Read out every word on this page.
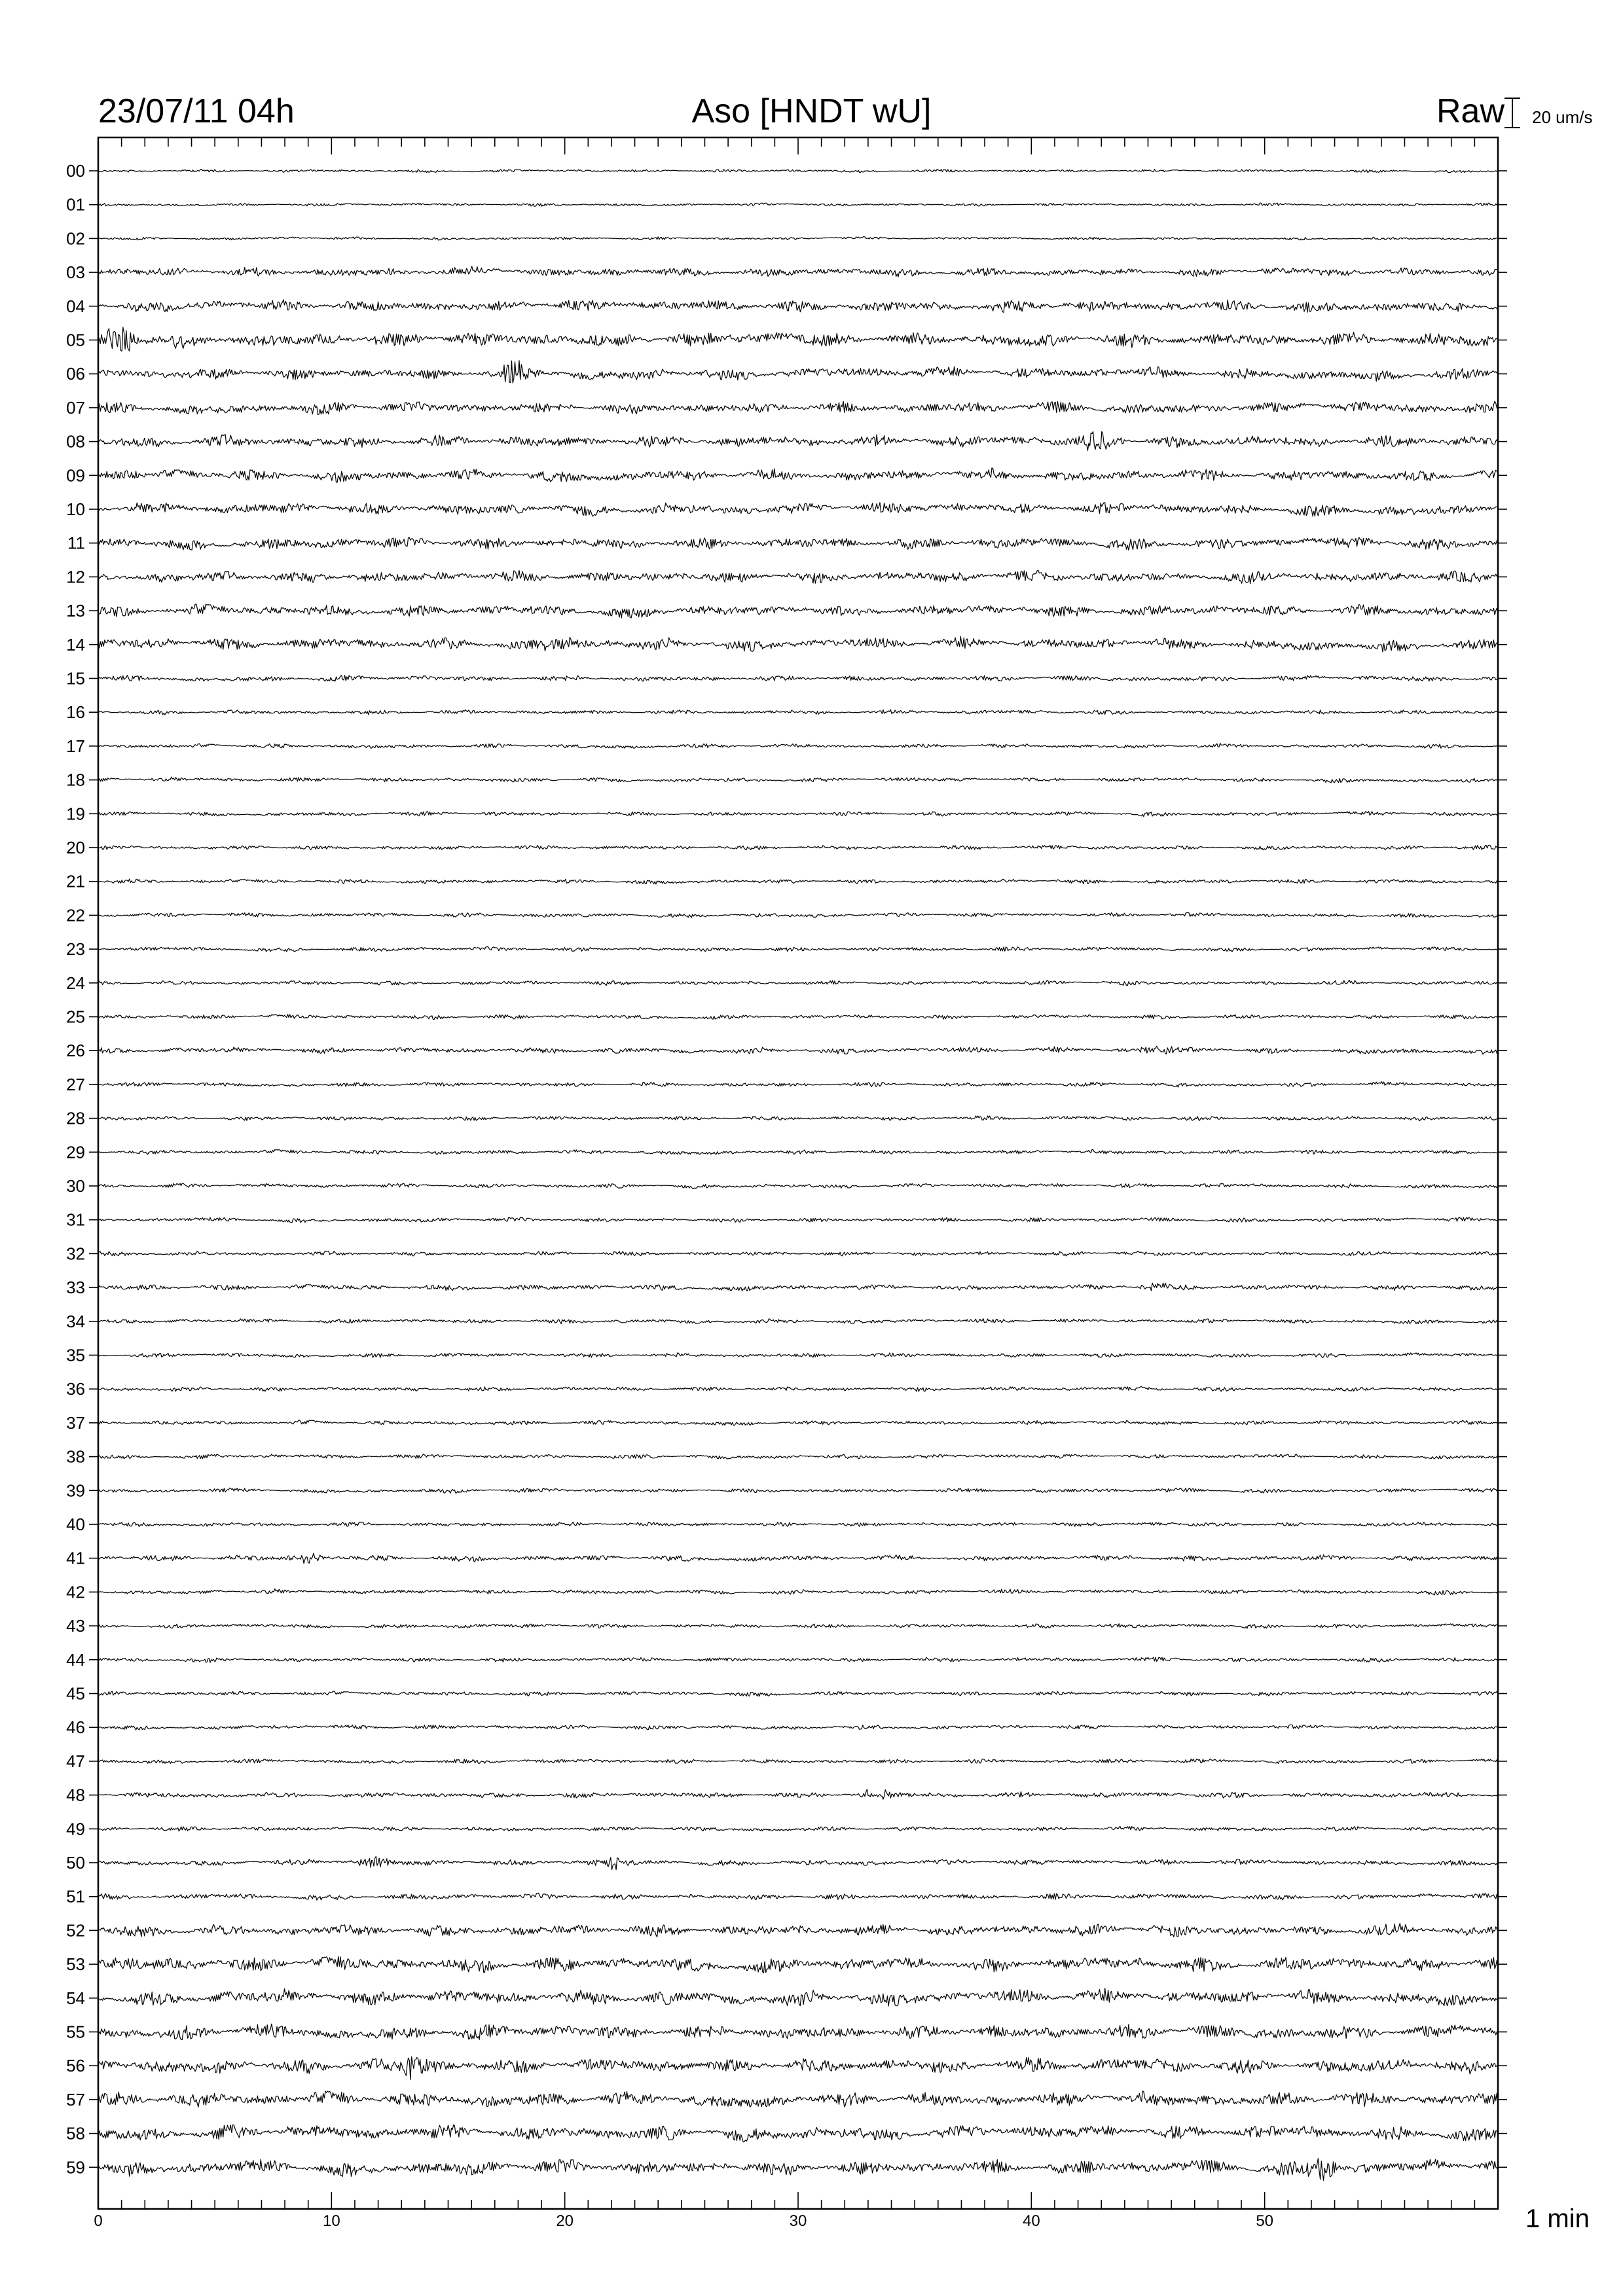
23/07/11 04h	Aso [HNDT wU]	Raw 20 um/s
1 min
0	10	20	30	40	50
00
01
02
03
04
05
06
07
08
09
10
11
12
13
14
15
16
17
18
19
20
21
22
23
24
25
26
27
28
29
30
31
32
33
34
35
36
37
38
39
40
41
42
43
44
45
46
47
48
49
50
51
52
53
54
55
56
57
58
59
